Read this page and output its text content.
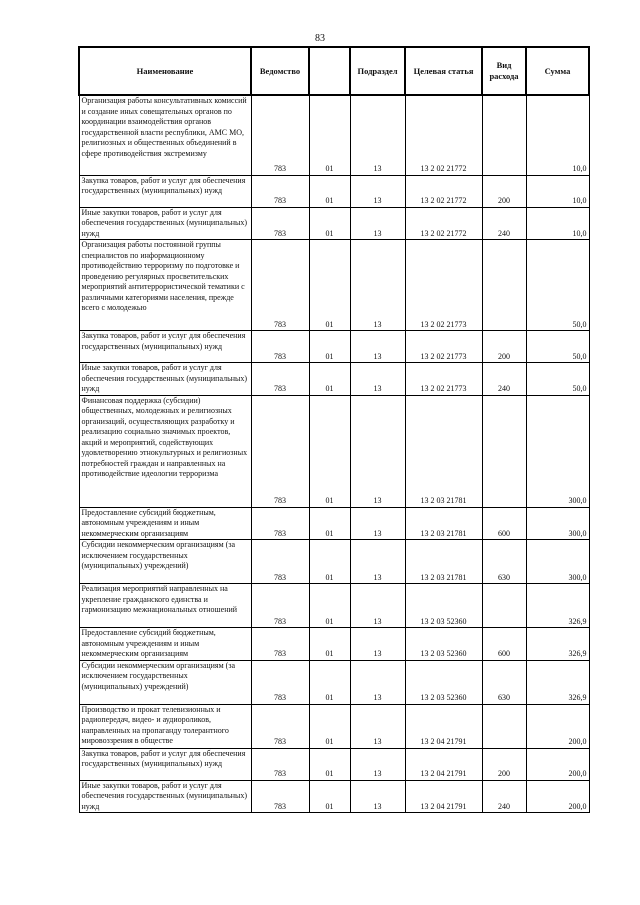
83
Наименование	Ведомство		Подраздел	Целевая статья	Вид расхода	Сумма
Организация работы консультативных комиссий и создание иных совещательных органов по координации взаимодействия органов государственной власти республики, АМС МО, религиозных и общественных объединений в сфере противодействия экстремизму	783	01	13	13 2 02 21772		10,0
Закупка товаров, работ и услуг для обеспечения государственных (муниципальных) нужд	783	01	13	13 2 02 21772	200	10,0
Иные закупки товаров, работ и услуг для обеспечения государственных (муниципальных) нужд	783	01	13	13 2 02 21772	240	10,0
Организация работы постоянной группы специалистов по информационному противодействию терроризму по подготовке и проведению регулярных просветительских мероприятий антитеррористической тематики с различными категориями населения, прежде всего с молодежью	783	01	13	13 2 02 21773		50,0
Закупка товаров, работ и услуг для обеспечения государственных (муниципальных) нужд	783	01	13	13 2 02 21773	200	50,0
Иные закупки товаров, работ и услуг для обеспечения государственных (муниципальных) нужд	783	01	13	13 2 02 21773	240	50,0
Финансовая поддержка (субсидии) общественных, молодежных и религиозных организаций, осуществляющих разработку и реализацию социально значимых проектов, акций и мероприятий, содействующих удовлетворению этнокультурных и религиозных потребностей граждан и направленных на противодействие идеологии терроризма	783	01	13	13 2 03 21781		300,0
Предоставление субсидий бюджетным, автономным учреждениям и иным некоммерческим организациям	783	01	13	13 2 03 21781	600	300,0
Субсидии некоммерческим организациям (за исключением государственных (муниципальных) учреждений)	783	01	13	13 2 03 21781	630	300,0
Реализация мероприятий направленных на укрепление гражданского единства и гармонизацию межнациональных отношений	783	01	13	13 2 03 52360		326,9
Предоставление субсидий бюджетным, автономным учреждениям и иным некоммерческим организациям	783	01	13	13 2 03 52360	600	326,9
Субсидии некоммерческим организациям (за исключением государственных (муниципальных) учреждений)	783	01	13	13 2 03 52360	630	326,9
Производство и прокат телевизионных и радиопередач, видео- и аудиороликов, направленных на пропаганду толерантного мировоззрения в обществе	783	01	13	13 2 04 21791		200,0
Закупка товаров, работ и услуг для обеспечения государственных (муниципальных) нужд	783	01	13	13 2 04 21791	200	200,0
Иные закупки товаров, работ и услуг для обеспечения государственных (муниципальных) нужд	783	01	13	13 2 04 21791	240	200,0
